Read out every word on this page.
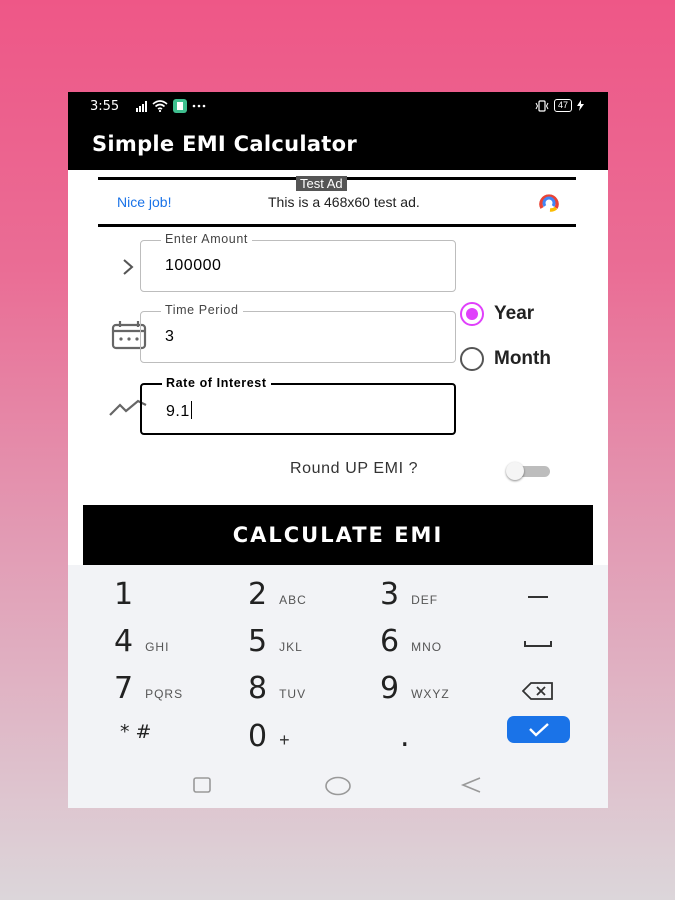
3:55	47
Simple EMI Calculator
Test Ad
Nice job!	This is a 468x60 test ad.
Enter Amount
100000
Time Period
3
Year
Month
Rate of Interest
9.1
Round UP EMI ?
CALCULATE EMI
1	2 ABC 3 DEF
4 GHI	5 JKL	6 MNO
7 PQRS 8 TUV 9 WXYZ
* #	0 +	.
